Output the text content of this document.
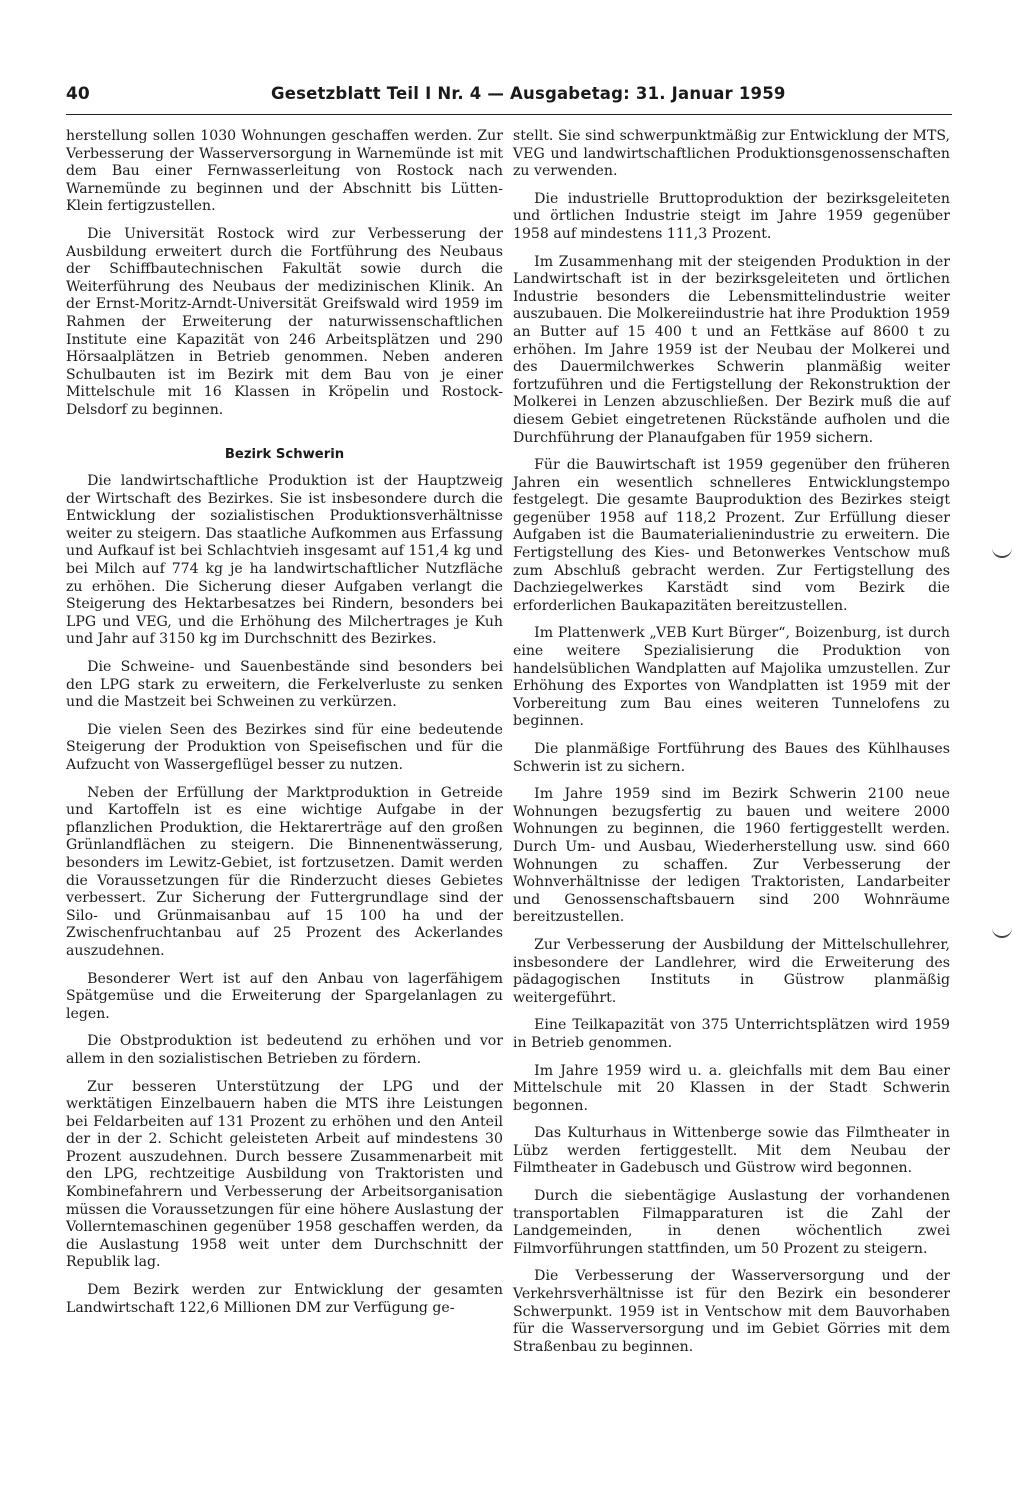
40	Gesetzblatt Teil I Nr. 4 — Ausgabetag: 31. Januar 1959

herstellung sollen 1030 Wohnungen geschaffen werden. Zur Verbesserung der Wasserversorgung in Warnemünde ist mit dem Bau einer Fernwasserleitung von Rostock nach Warnemünde zu beginnen und der Abschnitt bis Lütten-Klein fertigzustellen.

Die Universität Rostock wird zur Verbesserung der Ausbildung erweitert durch die Fortführung des Neubaus der Schiffbautechnischen Fakultät sowie durch die Weiterführung des Neubaus der medizinischen Klinik. An der Ernst-Moritz-Arndt-Universität Greifswald wird 1959 im Rahmen der Erweiterung der naturwissenschaftlichen Institute eine Kapazität von 246 Arbeitsplätzen und 290 Hörsaalplätzen in Betrieb genommen. Neben anderen Schulbauten ist im Bezirk mit dem Bau von je einer Mittelschule mit 16 Klassen in Kröpelin und Rostock-Delsdorf zu beginnen.

Bezirk Schwerin

Die landwirtschaftliche Produktion ist der Hauptzweig der Wirtschaft des Bezirkes. Sie ist insbesondere durch die Entwicklung der sozialistischen Produktionsverhältnisse weiter zu steigern. Das staatliche Aufkommen aus Erfassung und Aufkauf ist bei Schlachtvieh insgesamt auf 151,4 kg und bei Milch auf 774 kg je ha landwirtschaftlicher Nutzfläche zu erhöhen. Die Sicherung dieser Aufgaben verlangt die Steigerung des Hektarbesatzes bei Rindern, besonders bei LPG und VEG, und die Erhöhung des Milchertrages je Kuh und Jahr auf 3150 kg im Durchschnitt des Bezirkes.

Die Schweine- und Sauenbestände sind besonders bei den LPG stark zu erweitern, die Ferkelverluste zu senken und die Mastzeit bei Schweinen zu verkürzen.

Die vielen Seen des Bezirkes sind für eine bedeutende Steigerung der Produktion von Speisefischen und für die Aufzucht von Wassergeflügel besser zu nutzen.

Neben der Erfüllung der Marktproduktion in Getreide und Kartoffeln ist es eine wichtige Aufgabe in der pflanzlichen Produktion, die Hektarerträge auf den großen Grünlandflächen zu steigern. Die Binnenentwässerung, besonders im Lewitz-Gebiet, ist fortzusetzen. Damit werden die Voraussetzungen für die Rinderzucht dieses Gebietes verbessert. Zur Sicherung der Futtergrundlage sind der Silo- und Grünmaisanbau auf 15 100 ha und der Zwischenfruchtanbau auf 25 Prozent des Ackerlandes auszudehnen.

Besonderer Wert ist auf den Anbau von lagerfähigem Spätgemüse und die Erweiterung der Spargelanlagen zu legen.

Die Obstproduktion ist bedeutend zu erhöhen und vor allem in den sozialistischen Betrieben zu fördern.

Zur besseren Unterstützung der LPG und der werktätigen Einzelbauern haben die MTS ihre Leistungen bei Feldarbeiten auf 131 Prozent zu erhöhen und den Anteil der in der 2. Schicht geleisteten Arbeit auf mindestens 30 Prozent auszudehnen. Durch bessere Zusammenarbeit mit den LPG, rechtzeitige Ausbildung von Traktoristen und Kombinefahrern und Verbesserung der Arbeitsorganisation müssen die Voraussetzungen für eine höhere Auslastung der Vollerntemaschinen gegenüber 1958 geschaffen werden, da die Auslastung 1958 weit unter dem Durchschnitt der Republik lag.

Dem Bezirk werden zur Entwicklung der gesamten Landwirtschaft 122,6 Millionen DM zur Verfügung ge-

stellt. Sie sind schwerpunktmäßig zur Entwicklung der MTS, VEG und landwirtschaftlichen Produktionsgenossenschaften zu verwenden.

Die industrielle Bruttoproduktion der bezirksgeleiteten und örtlichen Industrie steigt im Jahre 1959 gegenüber 1958 auf mindestens 111,3 Prozent.

Im Zusammenhang mit der steigenden Produktion in der Landwirtschaft ist in der bezirksgeleiteten und örtlichen Industrie besonders die Lebensmittelindustrie weiter auszubauen. Die Molkereiindustrie hat ihre Produktion 1959 an Butter auf 15 400 t und an Fettkäse auf 8600 t zu erhöhen. Im Jahre 1959 ist der Neubau der Molkerei und des Dauermilchwerkes Schwerin planmäßig weiter fortzuführen und die Fertigstellung der Rekonstruktion der Molkerei in Lenzen abzuschließen. Der Bezirk muß die auf diesem Gebiet eingetretenen Rückstände aufholen und die Durchführung der Planaufgaben für 1959 sichern.

Für die Bauwirtschaft ist 1959 gegenüber den früheren Jahren ein wesentlich schnelleres Entwicklungstempo festgelegt. Die gesamte Bauproduktion des Bezirkes steigt gegenüber 1958 auf 118,2 Prozent. Zur Erfüllung dieser Aufgaben ist die Baumaterialienindustrie zu erweitern. Die Fertigstellung des Kies- und Betonwerkes Ventschow muß zum Abschluß gebracht werden. Zur Fertigstellung des Dachziegelwerkes Karstädt sind vom Bezirk die erforderlichen Baukapazitäten bereitzustellen.

Im Plattenwerk „VEB Kurt Bürger“, Boizenburg, ist durch eine weitere Spezialisierung die Produktion von handelsüblichen Wandplatten auf Majolika umzustellen. Zur Erhöhung des Exportes von Wandplatten ist 1959 mit der Vorbereitung zum Bau eines weiteren Tunnelofens zu beginnen.

Die planmäßige Fortführung des Baues des Kühlhauses Schwerin ist zu sichern.

Im Jahre 1959 sind im Bezirk Schwerin 2100 neue Wohnungen bezugsfertig zu bauen und weitere 2000 Wohnungen zu beginnen, die 1960 fertiggestellt werden. Durch Um- und Ausbau, Wiederherstellung usw. sind 660 Wohnungen zu schaffen. Zur Verbesserung der Wohnverhältnisse der ledigen Traktoristen, Landarbeiter und Genossenschaftsbauern sind 200 Wohnräume bereitzustellen.

Zur Verbesserung der Ausbildung der Mittelschullehrer, insbesondere der Landlehrer, wird die Erweiterung des pädagogischen Instituts in Güstrow planmäßig weitergeführt.

Eine Teilkapazität von 375 Unterrichtsplätzen wird 1959 in Betrieb genommen.

Im Jahre 1959 wird u. a. gleichfalls mit dem Bau einer Mittelschule mit 20 Klassen in der Stadt Schwerin begonnen.

Das Kulturhaus in Wittenberge sowie das Filmtheater in Lübz werden fertiggestellt. Mit dem Neubau der Filmtheater in Gadebusch und Güstrow wird begonnen.

Durch die siebentägige Auslastung der vorhandenen transportablen Filmapparaturen ist die Zahl der Landgemeinden, in denen wöchentlich zwei Filmvorführungen stattfinden, um 50 Prozent zu steigern.

Die Verbesserung der Wasserversorgung und der Verkehrsverhältnisse ist für den Bezirk ein besonderer Schwerpunkt. 1959 ist in Ventschow mit dem Bauvorhaben für die Wasserversorgung und im Gebiet Görries mit dem Straßenbau zu beginnen.
